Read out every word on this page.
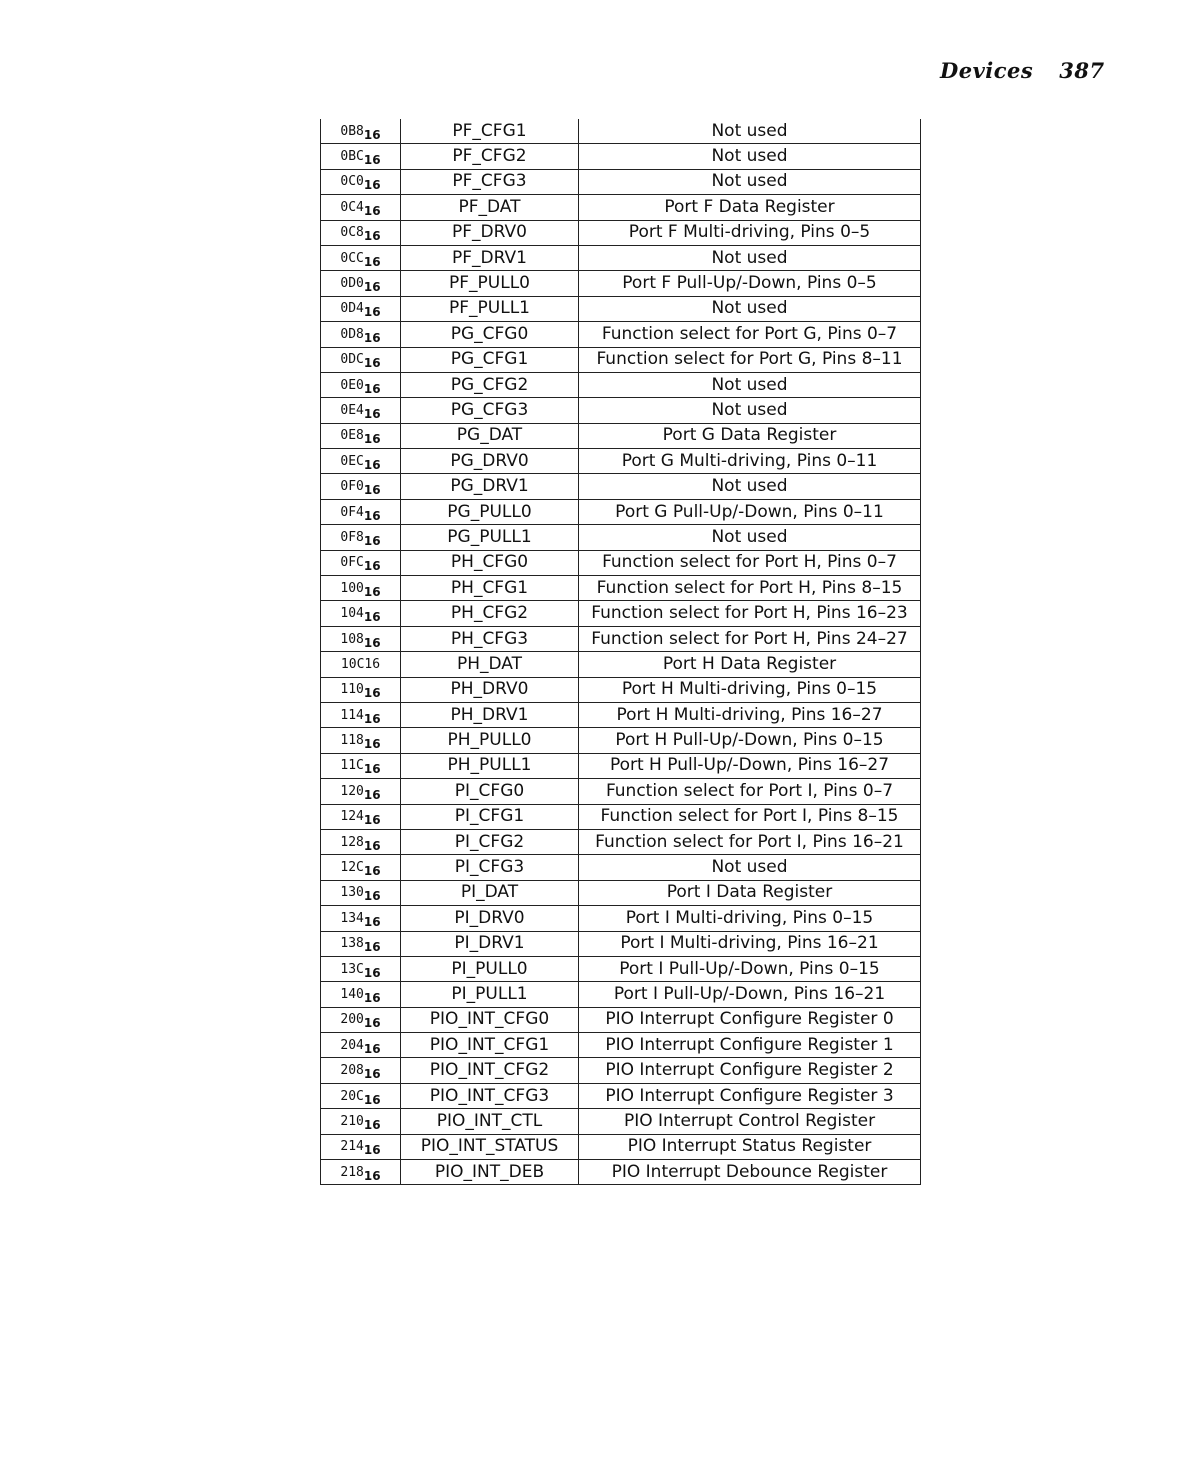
Devices 387
$0B8_{16}$	PF_CFG1	Not used
$0BC_{16}$	PF_CFG2	Not used
$0C0_{16}$	PF_CFG3	Not used
$0C4_{16}$	PF_DAT	Port F Data Register
$0C8_{16}$	PF_DRV0	Port F Multi-driving, Pins 0–5
$0CC_{16}$	PF_DRV1	Not used
$0D0_{16}$	PF_PULL0	Port F Pull-Up/-Down, Pins 0–5
$0D4_{16}$	PF_PULL1	Not used
$0D8_{16}$	PG_CFG0	Function select for Port G, Pins 0–7
$0DC_{16}$	PG_CFG1	Function select for Port G, Pins 8–11
$0E0_{16}$	PG_CFG2	Not used
$0E4_{16}$	PG_CFG3	Not used
$0E8_{16}$	PG_DAT	Port G Data Register
$0EC_{16}$	PG_DRV0	Port G Multi-driving, Pins 0–11
$0F0_{16}$	PG_DRV1	Not used
$0F4_{16}$	PG_PULL0	Port G Pull-Up/-Down, Pins 0–11
$0F8_{16}$	PG_PULL1	Not used
$0FC_{16}$	PH_CFG0	Function select for Port H, Pins 0–7
$100_{16}$	PH_CFG1	Function select for Port H, Pins 8–15
$104_{16}$	PH_CFG2	Function select for Port H, Pins 16–23
$108_{16}$	PH_CFG3	Function select for Port H, Pins 24–27
10C16	PH_DAT	Port H Data Register
$110_{16}$	PH_DRV0	Port H Multi-driving, Pins 0–15
$114_{16}$	PH_DRV1	Port H Multi-driving, Pins 16–27
$118_{16}$	PH_PULL0	Port H Pull-Up/-Down, Pins 0–15
$11C_{16}$	PH_PULL1	Port H Pull-Up/-Down, Pins 16–27
$120_{16}$	PI_CFG0	Function select for Port I, Pins 0–7
$124_{16}$	PI_CFG1	Function select for Port I, Pins 8–15
$128_{16}$	PI_CFG2	Function select for Port I, Pins 16–21
$12C_{16}$	PI_CFG3	Not used
$130_{16}$	PI_DAT	Port I Data Register
$134_{16}$	PI_DRV0	Port I Multi-driving, Pins 0–15
$138_{16}$	PI_DRV1	Port I Multi-driving, Pins 16–21
$13C_{16}$	PI_PULL0	Port I Pull-Up/-Down, Pins 0–15
$140_{16}$	PI_PULL1	Port I Pull-Up/-Down, Pins 16–21
$200_{16}$	PIO_INT_CFG0	PIO Interrupt Configure Register 0
$204_{16}$	PIO_INT_CFG1	PIO Interrupt Configure Register 1
$208_{16}$	PIO_INT_CFG2	PIO Interrupt Configure Register 2
$20C_{16}$	PIO_INT_CFG3	PIO Interrupt Configure Register 3
$210_{16}$	PIO_INT_CTL	PIO Interrupt Control Register
$214_{16}$	PIO_INT_STATUS	PIO Interrupt Status Register
$218_{16}$	PIO_INT_DEB	PIO Interrupt Debounce Register
